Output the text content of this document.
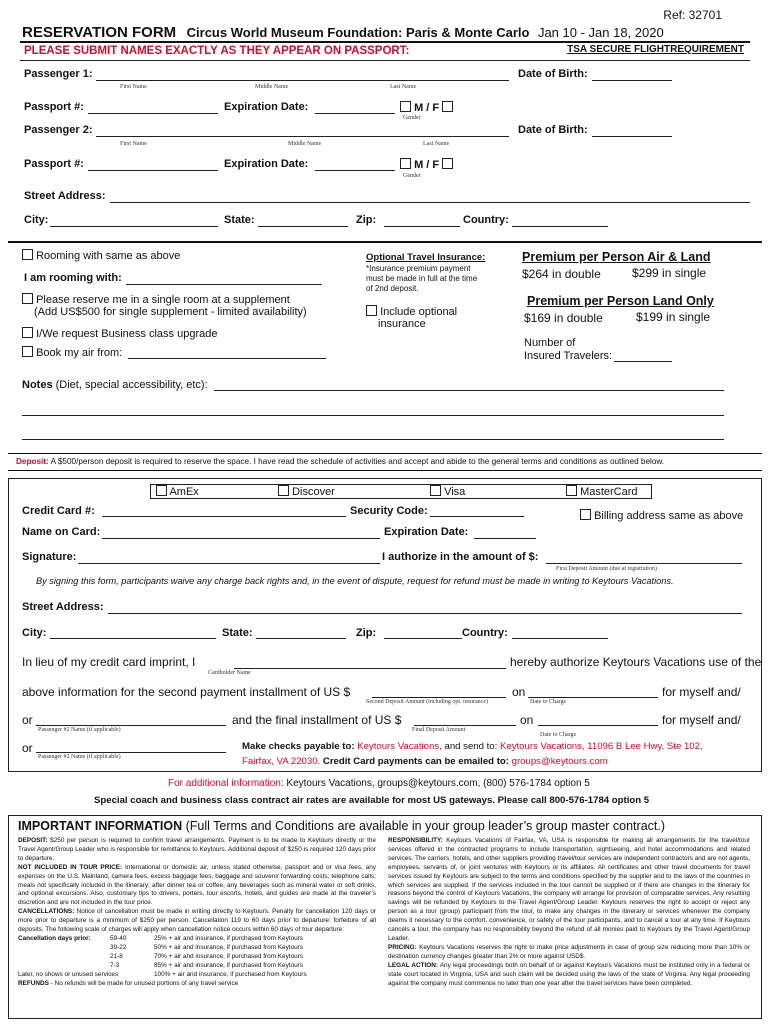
Ref: 32701
RESERVATION FORM Circus World Museum Foundation: Paris & Monte Carlo Jan 10 - Jan 18, 2020
PLEASE SUBMIT NAMES EXACTLY AS THEY APPEAR ON PASSPORT:	TSA SECURE FLIGHTREQUIREMENT
Passenger 1:	Date of Birth:
First Name	Middle Name	Last Name
Passport #:	Expiration Date:	M / F
Gender
Passenger 2:	Date of Birth:
First Name	Middle Name	Last Name
Passport #:	Expiration Date:	M / F
Gender
Street Address:
City:	State:	Zip:	Country:
Rooming with same as above
I am rooming with:
Please reserve me in a single room at a supplement
(Add US$500 for single supplement - limited availability)
I/We request Business class upgrade
Book my air from:
Optional Travel Insurance:
*Insurance premium payment
must be made in full at the time
of 2nd deposit.
Include optional
insurance
Premium per Person Air & Land
$264 in double	$299 in single
Premium per Person Land Only
$169 in double	$199 in single
Number of
Insured Travelers:
Notes (Diet, special accessibility, etc):
Deposit: A $500/person deposit is required to reserve the space. I have read the schedule of activities and accept and abide to the general terms and conditions as outlined below.
AmEx	Discover	Visa	MasterCard
Credit Card #:	Security Code:	Billing address same as above
Name on Card:	Expiration Date:
Signature:	I authorize in the amount of $:
First Deposit Amount (due at registration)
By signing this form, participants waive any charge back rights and, in the event of dispute, request for refund must be made in writing to Keytours Vacations.
Street Address:
City:	State:	Zip:	Country:
In lieu of my credit card imprint, I	hereby authorize Keytours Vacations use of the
Cardholder Name
above information for the second payment installment of US $	on	for myself and/
Second Deposit Amount (including opt. insurance)	Date to Charge
or	and the final installment of US $	on	for myself and/
Passenger #2 Name (if applicable)	Final Deposit Amount
Date to Charge
or
Passenger #2 Name (if applicable)
Make checks payable to: Keytours Vacations, and send to: Keytours Vacations, 11096 B Lee Hwy, Ste 102,
Fairfax, VA 22030. Credit Card payments can be emailed to: groups@keytours.com
For additional information: Keytours Vacations, groups@keytours.com, (800) 576-1784 option 5
Special coach and business class contract air rates are available for most US gateways. Please call 800-576-1784 option 5
IMPORTANT INFORMATION (Full Terms and Conditions are available in your group leader’s group master contract.)
DEPOSIT: $250 per person is required to confirm travel arrangements. Payment is to be made to Keytours directly or the Travel Agent/Group Leader who is responsible for remittance to Keytours. Additional deposit of $250 is required 120 days prior to departure.
NOT INCLUDED IN TOUR PRICE: International or domestic air, unless stated otherwise, passport and or visa fees, any expenses on the U.S. Mainland, camera fees, excess baggage fees, baggage and souvenir forwarding costs; telephone calls; meals not specifically included in the itinerary; after dinner tea or coffee, any beverages such as mineral water or soft drinks, and optional excursions. Also, customary tips to drivers, porters, tour escorts, hotels, and guides are made at the traveler’s discretion and are not included in the tour price.
CANCELLATIONS: Notice of cancellation must be made in writing directly to Keytours. Penalty for cancellation 120 days or more prior to departure is a minimum of $250 per person. Cancellation 119 to 60 days prior to departure: forfeiture of all deposits. The following scale of charges will apply when cancellation notice occurs within 60 days of tour departure:
Cancellation days prior:	59-40	25% + air and insurance, if purchased from Keytours
39-22	50% + air and insurance, if purchased from Keytours
21-8	70% + air and insurance, if purchased from Keytours
7-3	85% + air and insurance, if purchased from Keytours
Later, no shows or unused services	100% + air and insurance, if purchased from Keytours
REFUNDS - No refunds will be made for unused portions of any travel service
RESPONSIBILITY: Keytours Vacations of Fairfax, VA, USA is responsible for making all arrangements for the travel/tour services offered in the contracted programs to include transportation, sightseeing, and hotel accommodations and related services. The carriers, hotels, and other suppliers providing travel/tour services are independent contractors and are not agents, employees, servants of, or joint ventures with Keytours or its affiliates. All certificates and other travel documents for travel services issued by Keytours are subject to the terms and conditions specified by the supplier and to the laws of the countries in which services are supplied. If the services included in the tour cannot be supplied or if there are changes in the itinerary for reasons beyond the control of Keytours Vacations, the company will arrange for provision of comparable services. Any resulting savings will be refunded by Keytours to the Travel Agent/Group Leader. Keytours reserves the right to accept or reject any person as a tour (group) participant from the tour, to make any changes in the itinerary or services whenever the company deems it necessary to the comfort, convenience, or safety of the tour participants, and to cancel a tour at any time. If Keytours cancels a tour, the company has no responsibility beyond the refund of all monies paid to Keytours by the Travel Agent/Group Leader.
PRICING: Keytours Vacations reserves the right to make price adjustments in case of group size reducing more than 10% or destination currency changes greater than 2% or more against USD$.
LEGAL ACTION: Any legal proceedings both on behalf of or against Keytours Vacations must be instituted only in a federal or state court located in Virginia, USA and such claim will be decided using the laws of the state of Virginia. Any legal proceeding against the company must commence no later than one year after the travel services have been completed.
